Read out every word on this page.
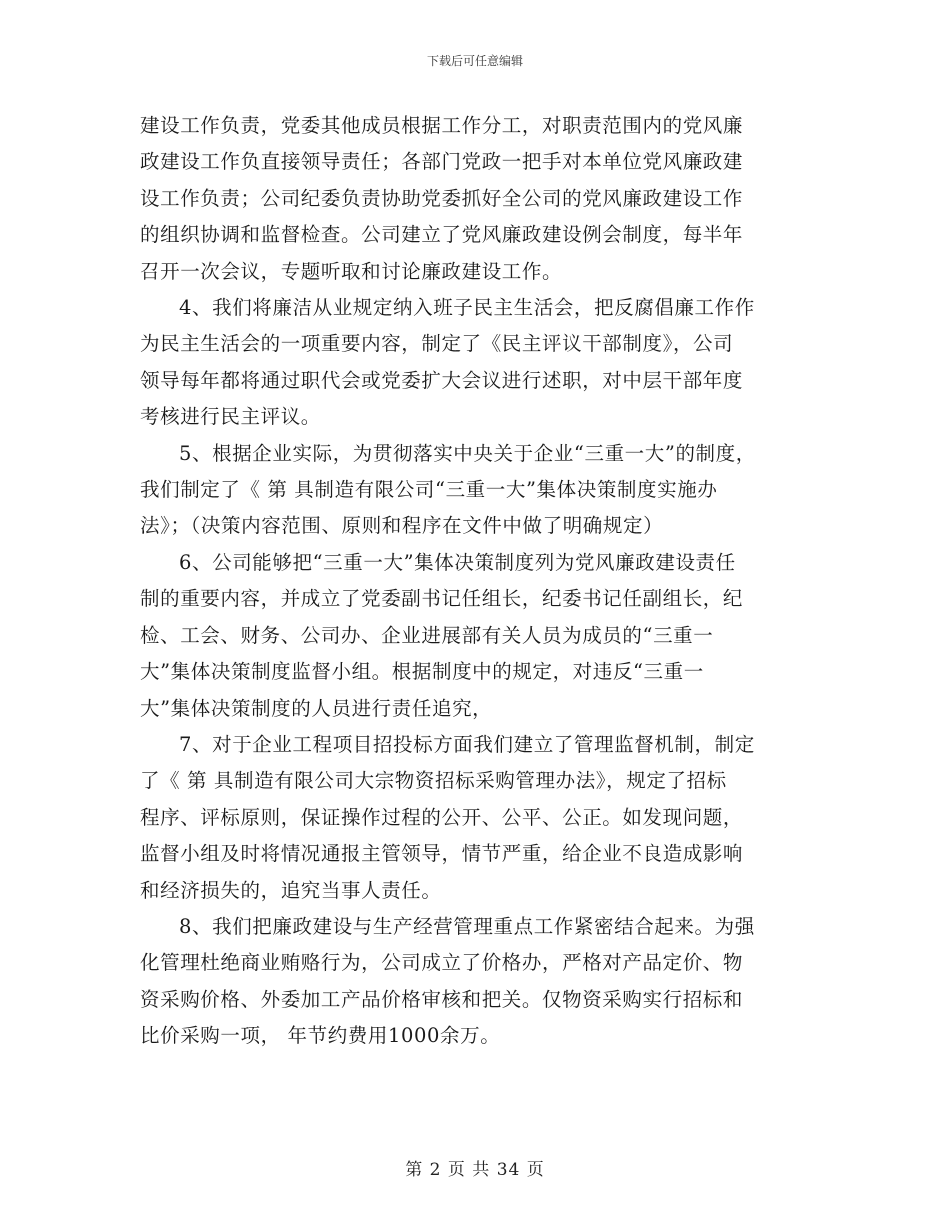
下载后可任意编辑

建设工作负责，党委其他成员根据工作分工，对职责范围内的党风廉
政建设工作负直接领导责任；各部门党政一把手对本单位党风廉政建
设工作负责；公司纪委负责协助党委抓好全公司的党风廉政建设工作
的组织协调和监督检查。公司建立了党风廉政建设例会制度，每半年
召开一次会议，专题听取和讨论廉政建设工作。

4、我们将廉洁从业规定纳入班子民主生活会，把反腐倡廉工作作
为民主生活会的一项重要内容，制定了《民主评议干部制度》，公司
领导每年都将通过职代会或党委扩大会议进行述职，对中层干部年度
考核进行民主评议。

5、根据企业实际，为贯彻落实中央关于企业“三重一大”的制度，
我们制定了《 第 具制造有限公司“三重一大”集体决策制度实施办
法》；（决策内容范围、原则和程序在文件中做了明确规定）

6、公司能够把“三重一大”集体决策制度列为党风廉政建设责任
制的重要内容，并成立了党委副书记任组长，纪委书记任副组长，纪
检、工会、财务、公司办、企业进展部有关人员为成员的“三重一
大”集体决策制度监督小组。根据制度中的规定，对违反“三重一
大”集体决策制度的人员进行责任追究，

7、对于企业工程项目招投标方面我们建立了管理监督机制，制定
了《 第 具制造有限公司大宗物资招标采购管理办法》，规定了招标
程序、评标原则，保证操作过程的公开、公平、公正。如发现问题，
监督小组及时将情况通报主管领导，情节严重，给企业不良造成影响
和经济损失的，追究当事人责任。

8、我们把廉政建设与生产经营管理重点工作紧密结合起来。为强
化管理杜绝商业贿赂行为，公司成立了价格办，严格对产品定价、物
资采购价格、外委加工产品价格审核和把关。仅物资采购实行招标和
比价采购一项， 年节约费用1000余万。

第 2 页 共 34 页
